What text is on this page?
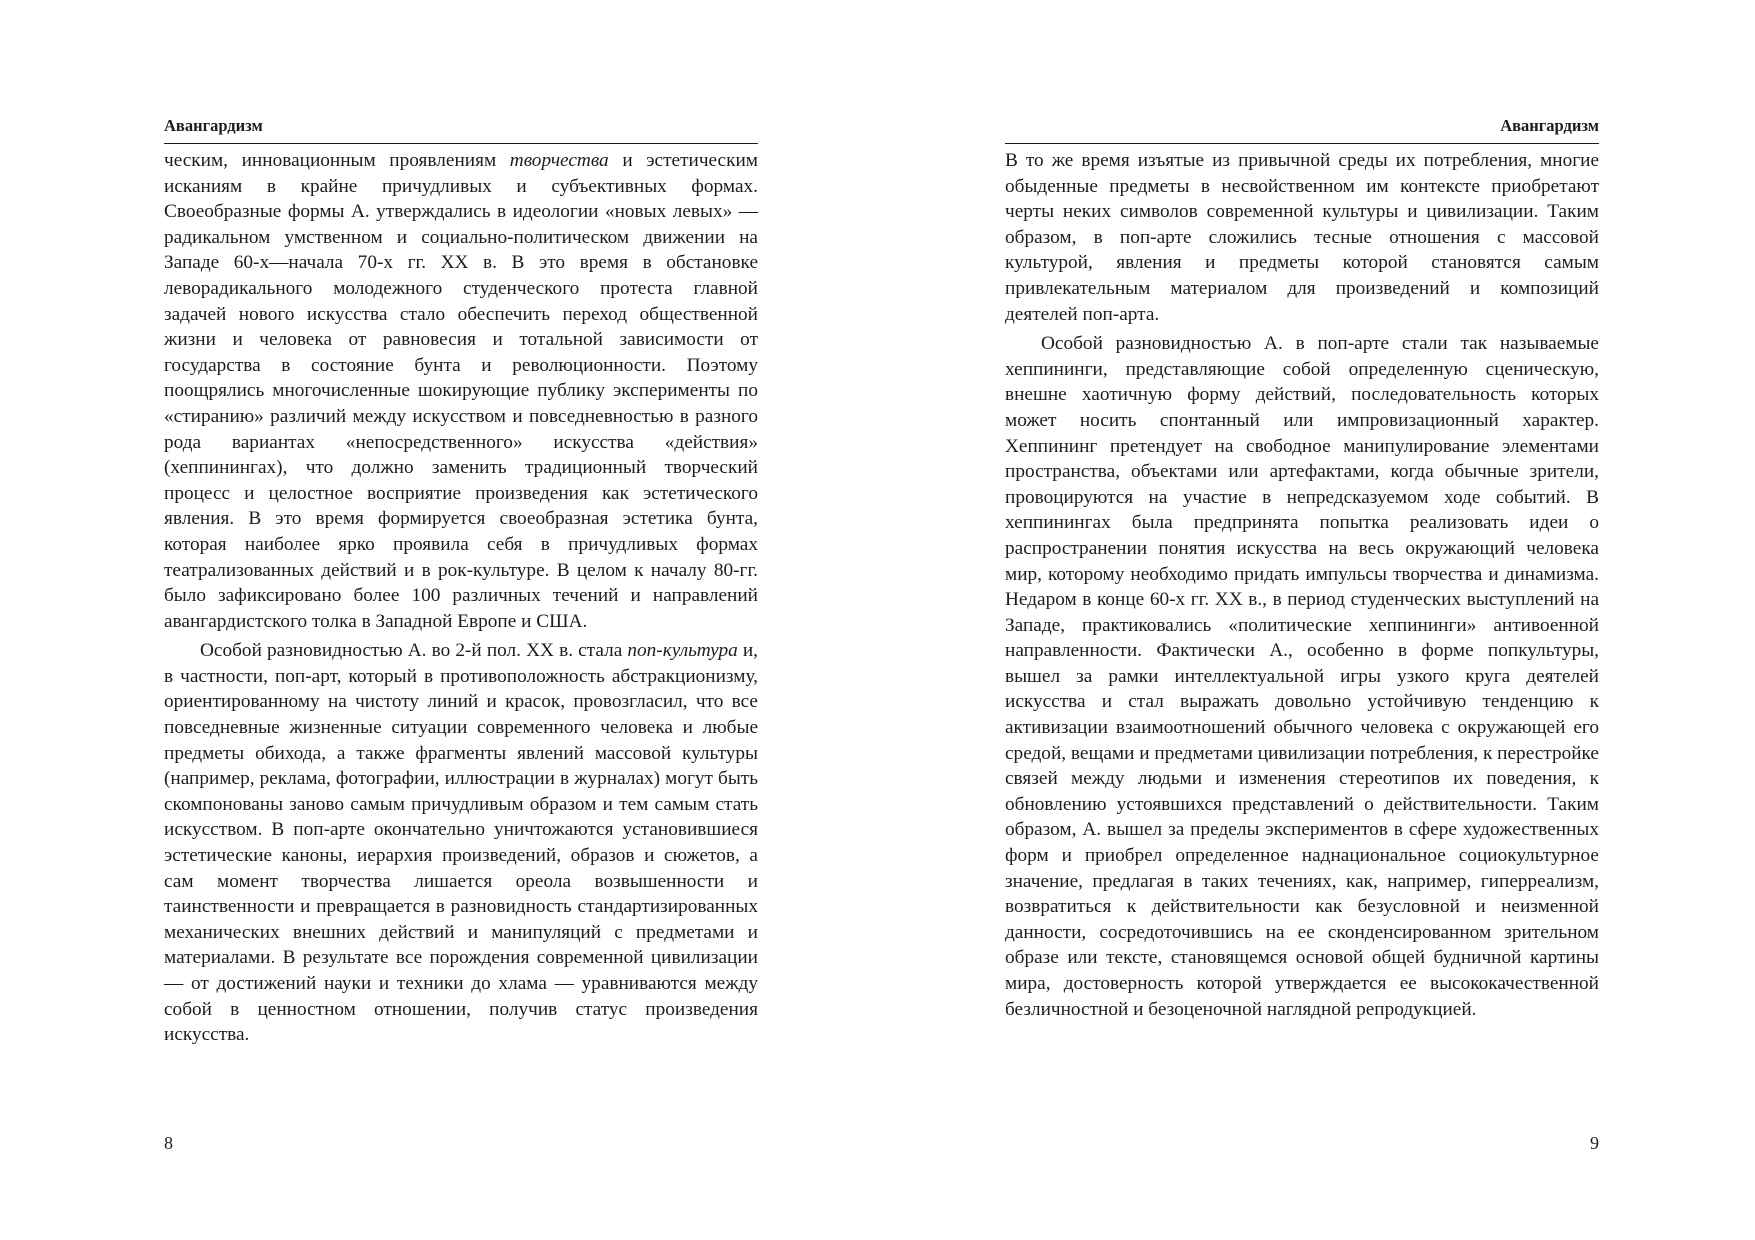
Авангардизм

ческим, инновационным проявлениям творчества и эстетическим исканиям в крайне причудливых и субъективных формах. Своеобразные формы А. утверждались в идеологии «новых левых» — радикальном умственном и социально-политическом движении на Западе 60-х—начала 70-х гг. XX в. В это время в обстановке леворадикального молодежного студенческого протеста главной задачей нового искусства стало обеспечить переход общественной жизни и человека от равновесия и тотальной зависимости от государства в состояние бунта и революционности. Поэтому поощрялись многочисленные шокирующие публику эксперименты по «стиранию» различий между искусством и повседневностью в разного рода вариантах «непосредственного» искусства «действия» (хеппинингах), что должно заменить традиционный творческий процесс и целостное восприятие произведения как эстетического явления. В это время формируется своеобразная эстетика бунта, которая наиболее ярко проявила себя в причудливых формах театрализованных действий и в рок-культуре. В целом к началу 80-гг. было зафиксировано более 100 различных течений и направлений авангардистского толка в Западной Европе и США.

Особой разновидностью А. во 2-й пол. XX в. стала поп-культура и, в частности, поп-арт, который в противоположность абстракционизму, ориентированному на чистоту линий и красок, провозгласил, что все повседневные жизненные ситуации современного человека и любые предметы обихода, а также фрагменты явлений массовой культуры (например, реклама, фотографии, иллюстрации в журналах) могут быть скомпонованы заново самым причудливым образом и тем самым стать искусством. В поп-арте окончательно уничтожаются установившиеся эстетические каноны, иерархия произведений, образов и сюжетов, а сам момент творчества лишается ореола возвышенности и таинственности и превращается в разновидность стандартизированных механических внешних действий и манипуляций с предметами и материалами. В результате все порождения современной цивилизации — от достижений науки и техники до хлама — уравниваются между собой в ценностном отношении, получив статус произведения искусства.

8
Авангардизм

В то же время изъятые из привычной среды их потребления, многие обыденные предметы в несвойственном им контексте приобретают черты неких символов современной культуры и цивилизации. Таким образом, в поп-арте сложились тесные отношения с массовой культурой, явления и предметы которой становятся самым привлекательным материалом для произведений и композиций деятелей поп-арта.

Особой разновидностью А. в поп-арте стали так называемые хеппининги, представляющие собой определенную сценическую, внешне хаотичную форму действий, последовательность которых может носить спонтанный или импровизационный характер. Хеппининг претендует на свободное манипулирование элементами пространства, объектами или артефактами, когда обычные зрители, провоцируются на участие в непредсказуемом ходе событий. В хеппинингах была предпринята попытка реализовать идеи о распространении понятия искусства на весь окружающий человека мир, которому необходимо придать импульсы творчества и динамизма. Недаром в конце 60-х гг. XX в., в период студенческих выступлений на Западе, практиковались «политические хеппининги» антивоенной направленности. Фактически А., особенно в форме попкультуры, вышел за рамки интеллектуальной игры узкого круга деятелей искусства и стал выражать довольно устойчивую тенденцию к активизации взаимоотношений обычного человека с окружающей его средой, вещами и предметами цивилизации потребления, к перестройке связей между людьми и изменения стереотипов их поведения, к обновлению устоявшихся представлений о действительности. Таким образом, А. вышел за пределы экспериментов в сфере художественных форм и приобрел определенное наднациональное социокультурное значение, предлагая в таких течениях, как, например, гиперреализм, возвратиться к действительности как безусловной и неизменной данности, сосредоточившись на ее сконденсированном зрительном образе или тексте, становящемся основой общей будничной картины мира, достоверность которой утверждается ее высококачественной безличностной и безоценочной наглядной репродукцией.

9
